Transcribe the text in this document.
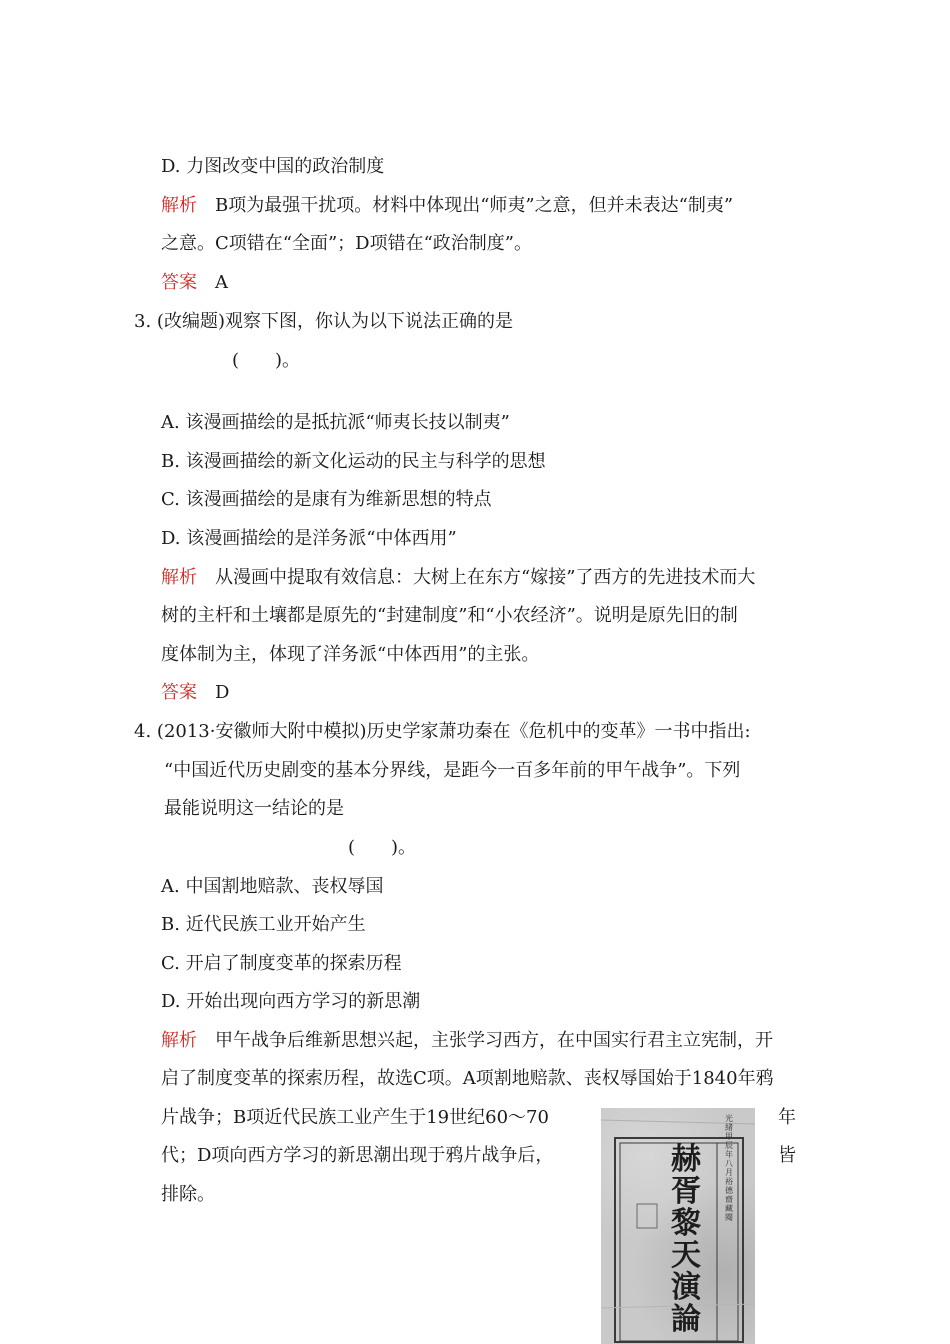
D. 力图改变中国的政治制度
解析 B项为最强干扰项。材料中体现出“师夷”之意，但并未表达“制夷”
之意。C项错在“全面”；D项错在“政治制度”。
答案 A
3. (改编题)观察下图，你认为以下说法正确的是
(　　)。
A. 该漫画描绘的是抵抗派“师夷长技以制夷”
B. 该漫画描绘的新文化运动的民主与科学的思想
C. 该漫画描绘的是康有为维新思想的特点
D. 该漫画描绘的是洋务派“中体西用”
解析 从漫画中提取有效信息：大树上在东方“嫁接”了西方的先进技术而大
树的主杆和土壤都是原先的“封建制度”和“小农经济”。说明是原先旧的制
度体制为主，体现了洋务派“中体西用”的主张。
答案 D
4. (2013·安徽师大附中模拟)历史学家萧功秦在《危机中的变革》一书中指出:
“中国近代历史剧变的基本分界线，是距今一百多年前的甲午战争”。下列
最能说明这一结论的是
(　　)。
A. 中国割地赔款、丧权辱国
B. 近代民族工业开始产生
C. 开启了制度变革的探索历程
D. 开始出现向西方学习的新思潮
解析 甲午战争后维新思想兴起，主张学习西方，在中国实行君主立宪制，开
启了制度变革的探索历程，故选C项。A项割地赔款、丧权辱国始于1840年鸦
片战争；B项近代民族工业产生于19世纪60～70	年
代；D项向西方学习的新思潮出现于鸦片战争后，	皆
排除。
赫
胥
黎
天
演
論
光
緒
甲
辰
年
八
月
裕
德
齋
藏
閱
